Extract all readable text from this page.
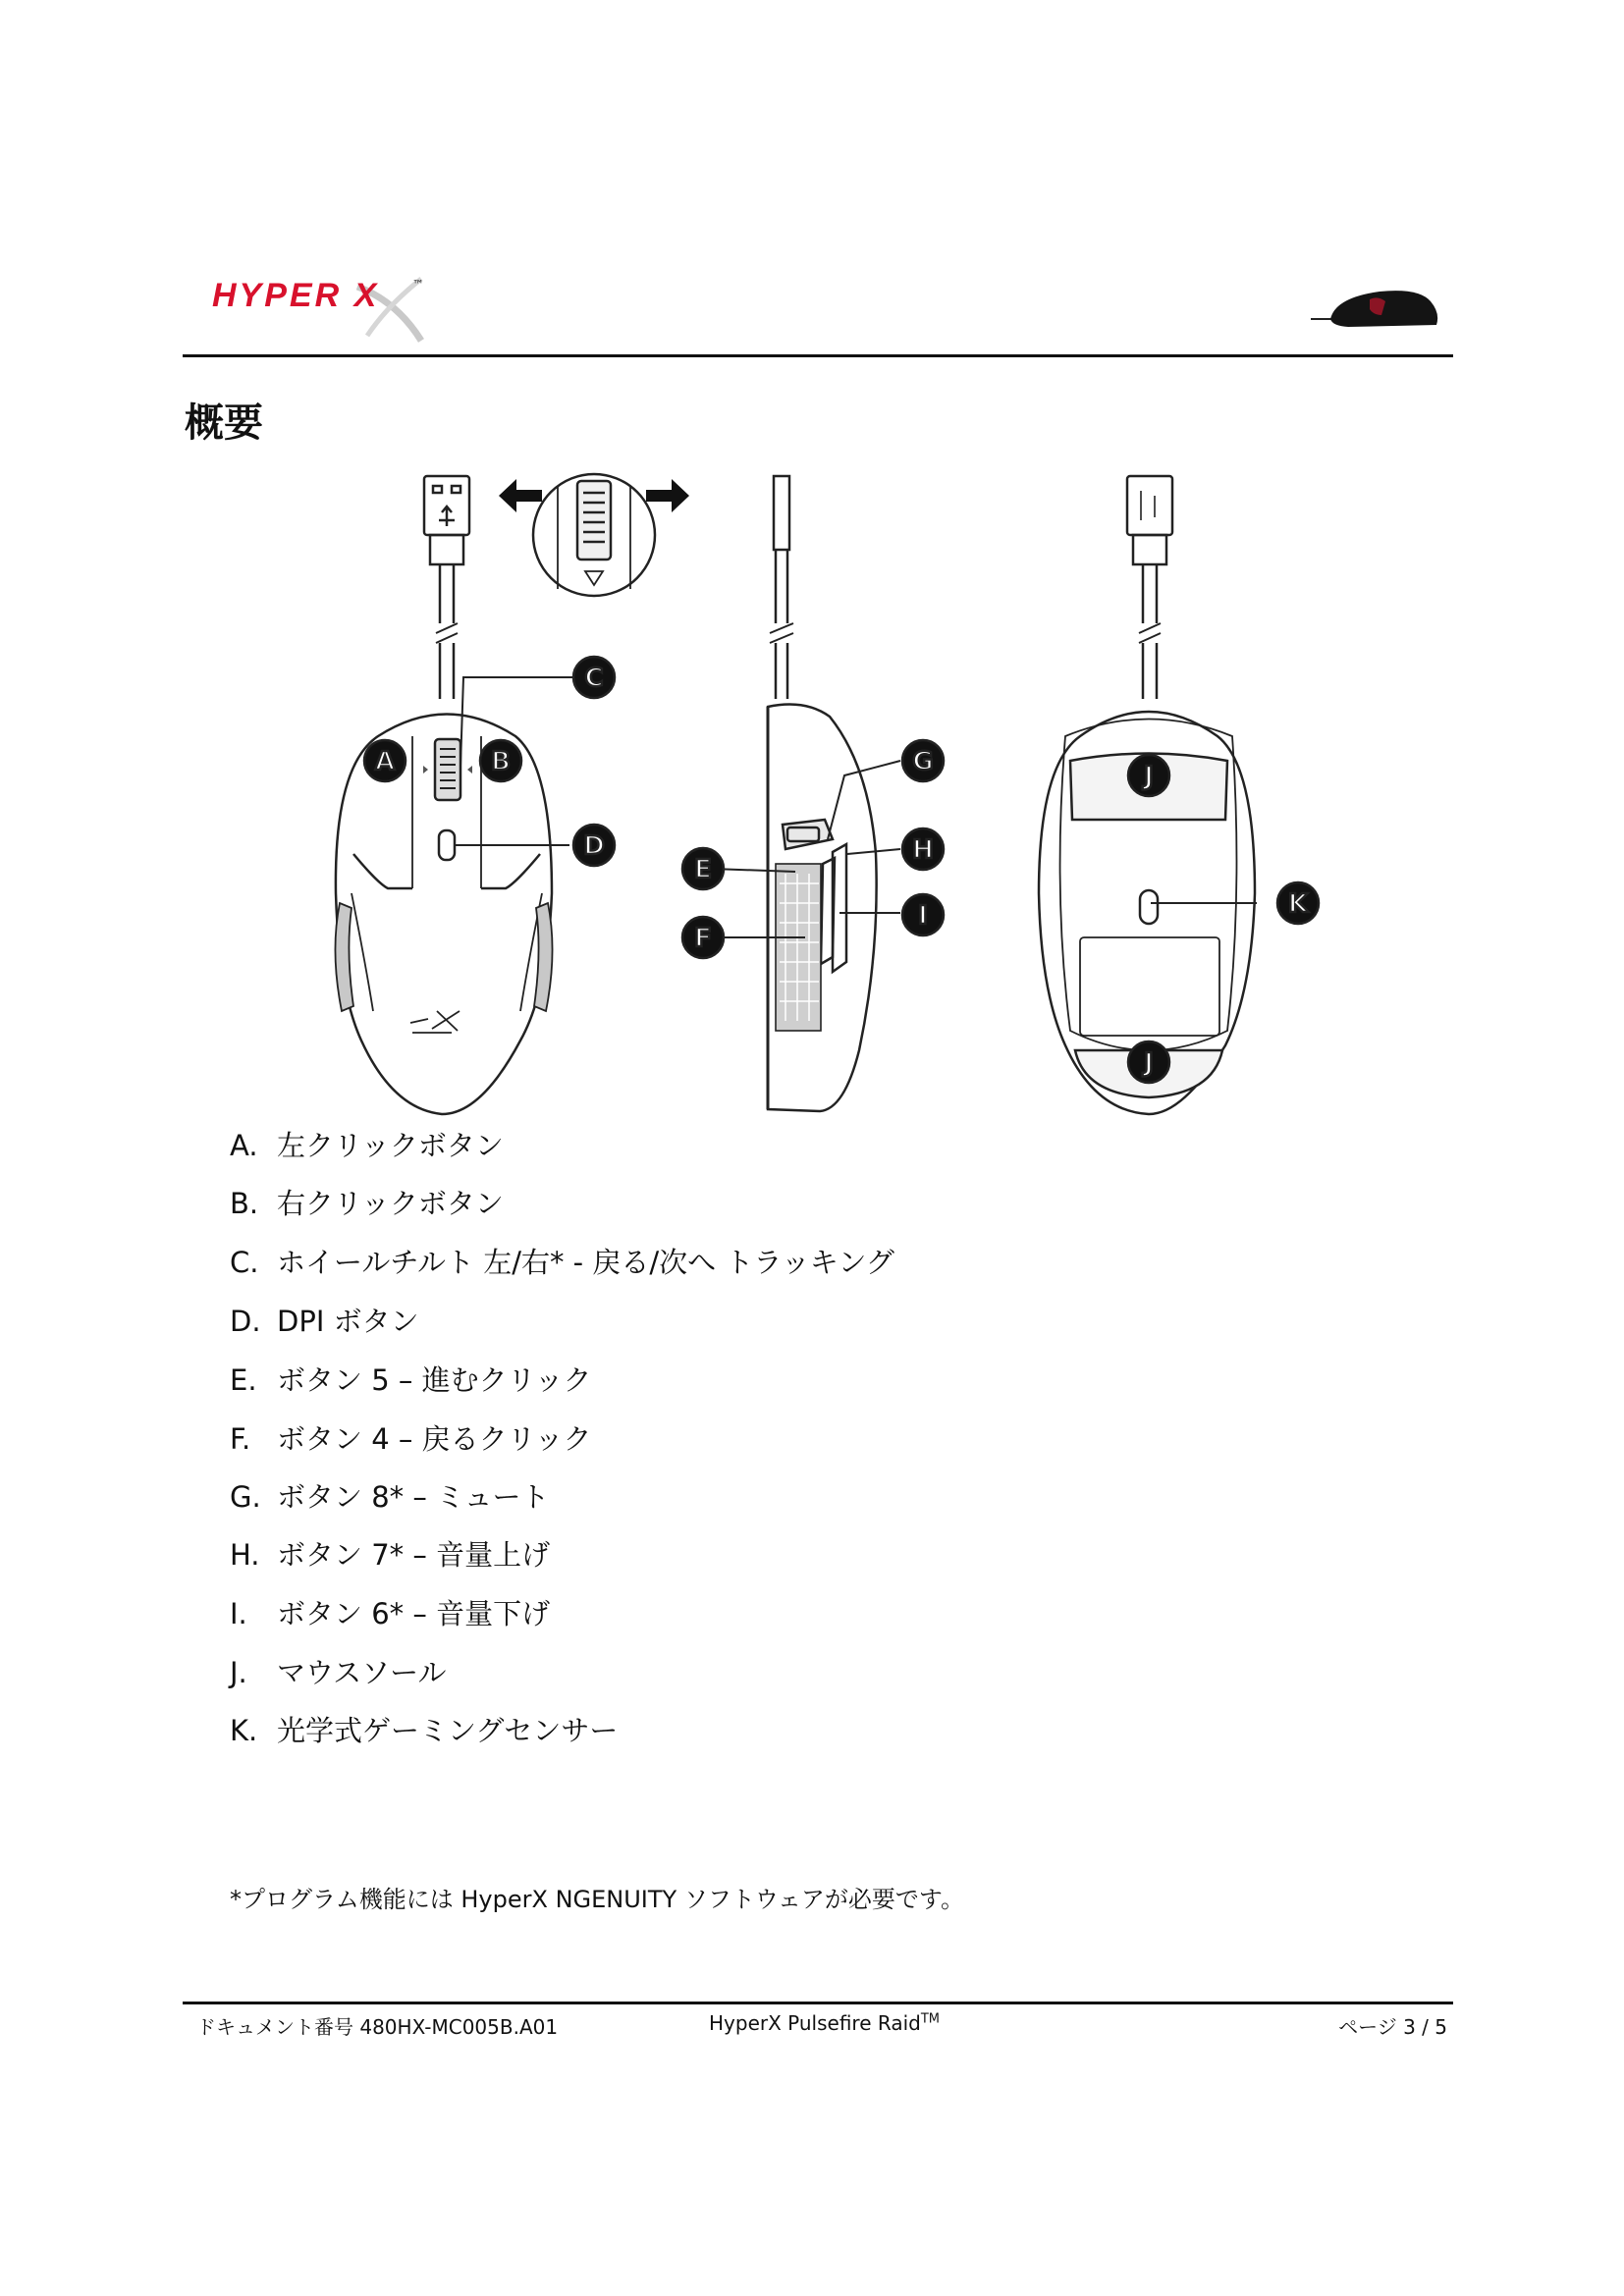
HYPER X	™
概要
A	B
C
D
E
F
G
H
I
J
J
K
A. 左クリックボタン
B. 右クリックボタン
C. ホイールチルト 左/右* - 戻る/次へ トラッキング
D. DPI ボタン
E. ボタン 5 – 進むクリック
F. ボタン 4 – 戻るクリック
G. ボタン 8* – ミュート
H. ボタン 7* – 音量上げ
I. ボタン 6* – 音量下げ
J. マウスソール
K. 光学式ゲーミングセンサー
*プログラム機能には HyperX NGENUITY ソフトウェアが必要です。
ドキュメント番号 480HX-MC005B.A01	HyperX Pulsefire Raid™	ページ 3 / 5
